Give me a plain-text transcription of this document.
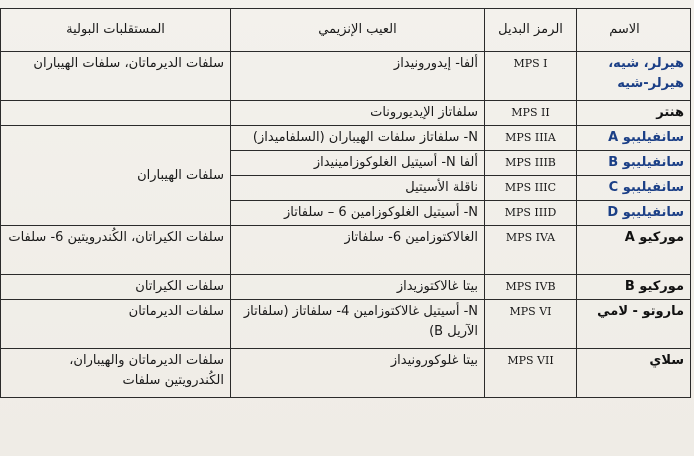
الاسم	الرمز البديل	العيب الإنزيمي	المستقلبات البولية
هيرلر، شيه، هيرلر-شيه	MPS I	ألفا- إيدورونيداز	سلفات الديرماتان، سلفات الهيباران
هنتر	MPS II	سلفاتاز الإيديورونات	
سانفيليبو A	MPS IIIA	N- سلفاتاز سلفات الهيباران (السلفاميداز)	سلفات الهيباران
سانفيليبو B	MPS IIIB	ألفا N- أسيتيل الغلوكوزامينيداز	
سانفيليبو C	MPS IIIC	ناقلة الأسيتيل	
سانفيليبو D	MPS IIID	N- أسيتيل الغلوكوزامين 6 – سلفاتاز	
موركيو A	MPS IVA	الغالاكتوزامين 6- سلفاتاز	سلفات الكيراتان، الكُندرويتين 6- سلفات
موركيو B	MPS IVB	بيتا غالاكتوزيداز	سلفات الكيراتان
ماروتو - لامي	MPS VI	N- أسيتيل غالاكتوزامين 4- سلفاتاز (سلفاتاز الآريل B)	سلفات الديرماتان
سلاي	MPS VII	بيتا غلوكورونيداز	سلفات الديرماتان والهيباران، الكُندرويتين سلفات
